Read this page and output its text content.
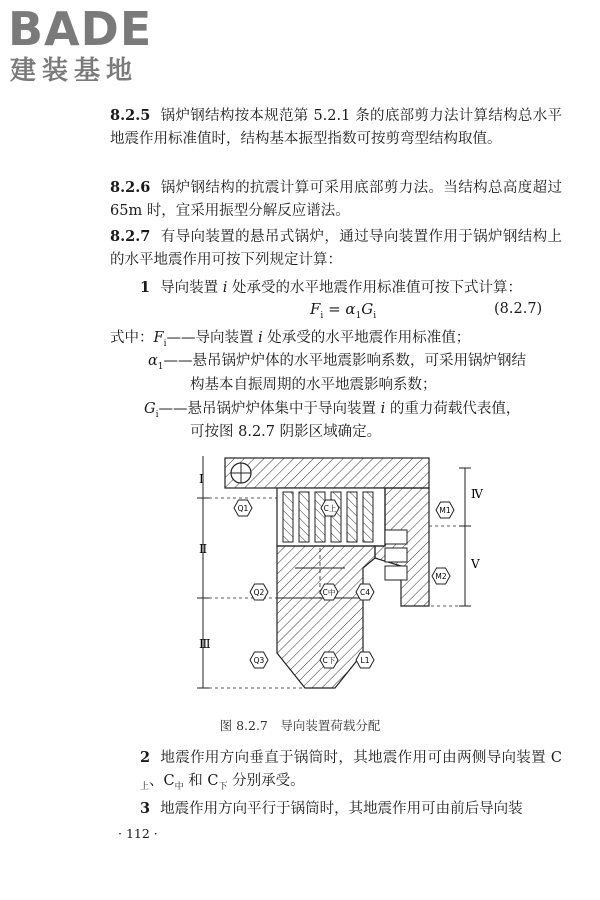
BADE
建装基地
8.2.5 锅炉钢结构按本规范第 5.2.1 条的底部剪力法计算结构总水平地震作用标准值时，结构基本振型指数可按剪弯型结构取值。
8.2.6 锅炉钢结构的抗震计算可采用底部剪力法。当结构总高度超过 65m 时，宜采用振型分解反应谱法。
8.2.7 有导向装置的悬吊式锅炉，通过导向装置作用于锅炉钢结构上的水平地震作用可按下列规定计算：
1 导向装置 i 处承受的水平地震作用标准值可按下式计算：
$F_i = \alpha_1G_i$	(8.2.7)
式中：$F_i——$导向装置 i 处承受的水平地震作用标准值；
$\alpha_1——$悬吊锅炉炉体的水平地震影响系数，可采用锅炉钢结
构基本自振周期的水平地震影响系数；
$G_i——$悬吊锅炉炉体集中于导向装置 i 的重力荷载代表值，
可按图 8.2.7 阴影区域确定。
Ⅰ
Ⅱ
Ⅲ
Ⅳ
Ⅴ
Q1	C上	M1
Q2	C中	C4
M2
Q3	C下	L1
图 8.2.7　导向装置荷载分配
2 地震作用方向垂直于锅筒时，其地震作用可由两侧导向装置 $C_上$、$C_中$ 和 $C_下$ 分别承受。
3 地震作用方向平行于锅筒时，其地震作用可由前后导向装
· 112 ·
